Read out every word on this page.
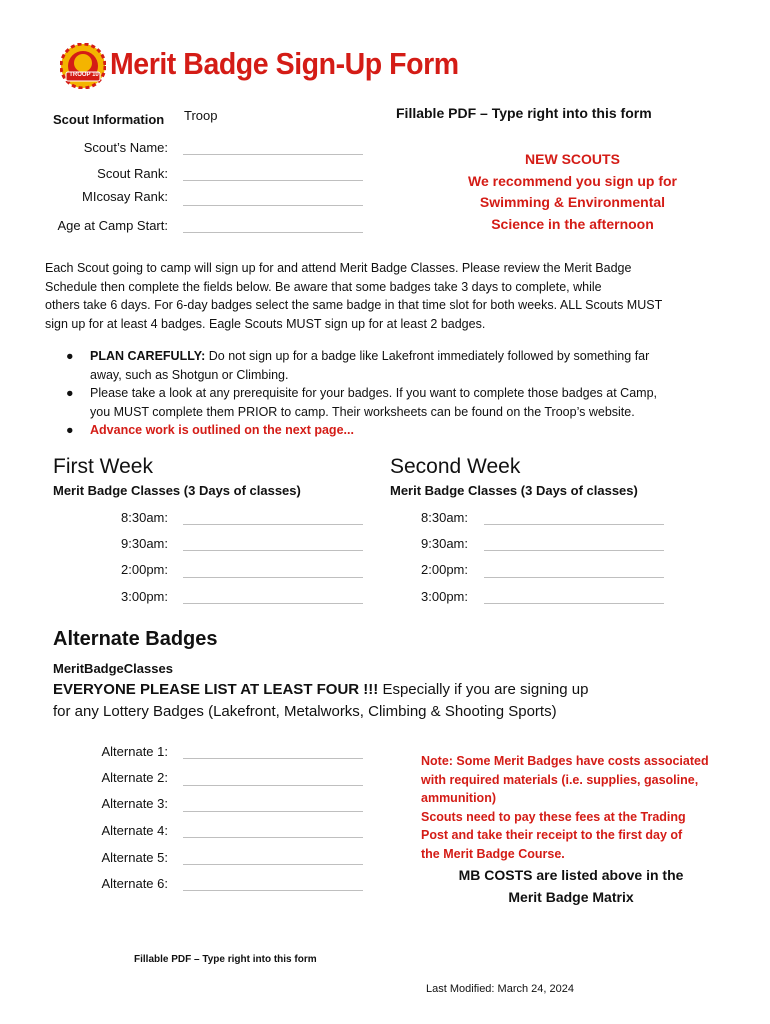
TROOP 10 Merit Badge Sign-Up Form
Scout Information Troop
Scout’s Name:
Scout Rank:
MIcosay Rank:
Age at Camp Start:
Fillable PDF – Type right into this form
NEW SCOUTS
We recommend you sign up for
Swimming & Environmental
Science in the afternoon
Each Scout going to camp will sign up for and attend Merit Badge Classes. Please review the Merit Badge
Schedule then complete the fields below. Be aware that some badges take 3 days to complete, while
others take 6 days. For 6-day badges select the same badge in that time slot for both weeks. ALL Scouts MUST
sign up for at least 4 badges. Eagle Scouts MUST sign up for at least 2 badges.
● PLAN CAREFULLY: Do not sign up for a badge like Lakefront immediately followed by something far
away, such as Shotgun or Climbing.
● Please take a look at any prerequisite for your badges. If you want to complete those badges at Camp,
you MUST complete them PRIOR to camp. Their worksheets can be found on the Troop’s website.
● Advance work is outlined on the next page...
First Week
Merit Badge Classes (3 Days of classes)
8:30am:
9:30am:
2:00pm:
3:00pm:
Second Week
Merit Badge Classes (3 Days of classes)
8:30am:
9:30am:
2:00pm:
3:00pm:
Alternate Badges
MeritBadgeClasses
EVERYONE PLEASE LIST AT LEAST FOUR !!! Especially if you are signing up
for any Lottery Badges (Lakefront, Metalworks, Climbing & Shooting Sports)
Alternate 1:
Alternate 2:
Alternate 3:
Alternate 4:
Alternate 5:
Alternate 6:
Note: Some Merit Badges have costs associated
with required materials (i.e. supplies, gasoline,
ammunition)
Scouts need to pay these fees at the Trading
Post and take their receipt to the first day of
the Merit Badge Course.
MB COSTS are listed above in the
Merit Badge Matrix
Fillable PDF – Type right into this form
Last Modified: March 24, 2024
